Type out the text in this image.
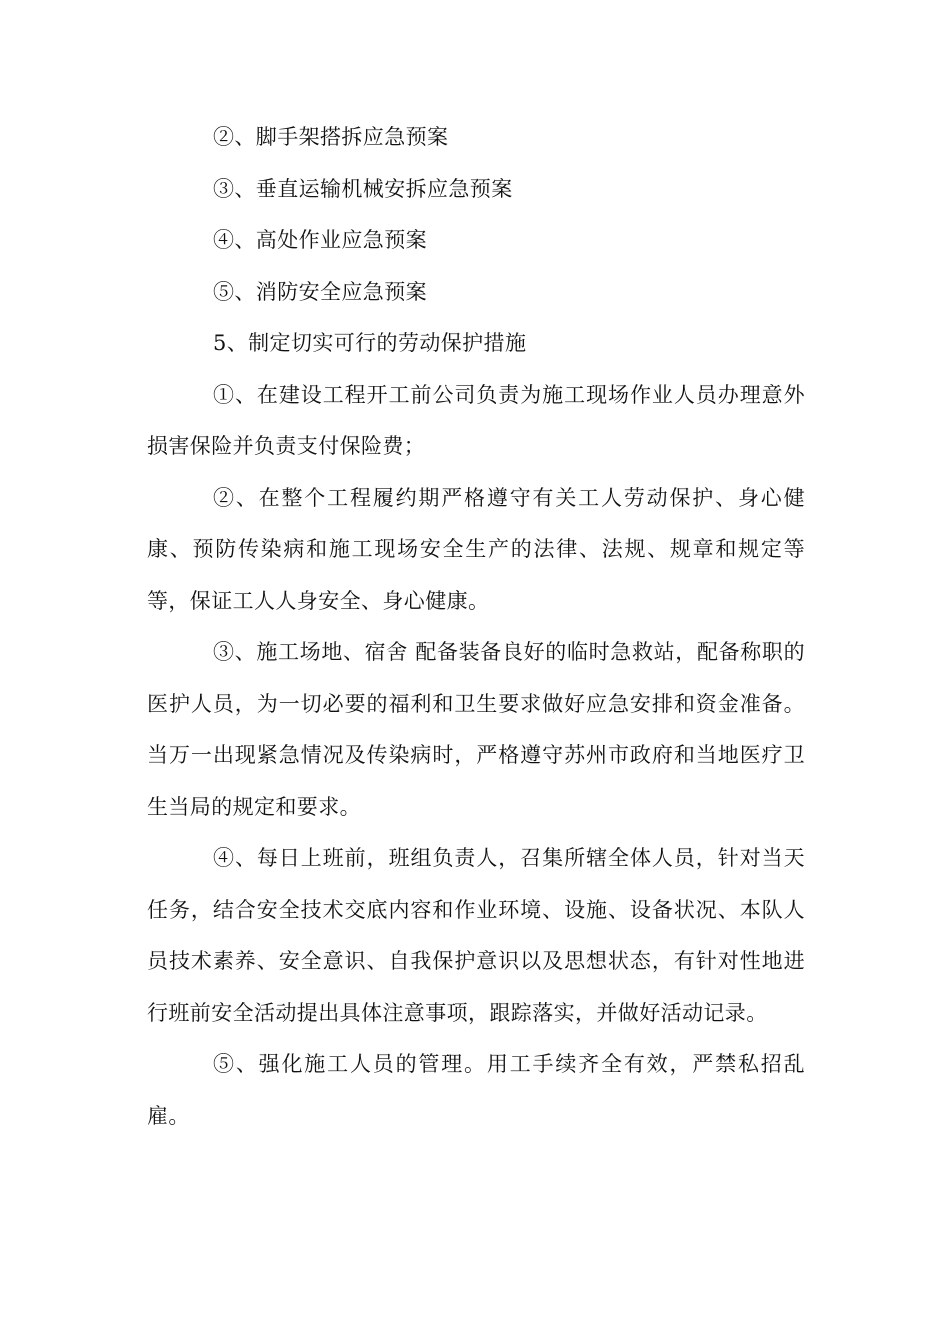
②、脚手架搭拆应急预案

③、垂直运输机械安拆应急预案

④、高处作业应急预案

⑤、消防安全应急预案

5、制定切实可行的劳动保护措施

①、在建设工程开工前公司负责为施工现场作业人员办理意外损害保险并负责支付保险费；

②、在整个工程履约期严格遵守有关工人劳动保护、身心健康、预防传染病和施工现场安全生产的法律、法规、规章和规定等等，保证工人人身安全、身心健康。

③、施工场地、宿舍 配备装备良好的临时急救站，配备称职的医护人员，为一切必要的福利和卫生要求做好应急安排和资金准备。当万一出现紧急情况及传染病时，严格遵守苏州市政府和当地医疗卫生当局的规定和要求。

④、每日上班前，班组负责人，召集所辖全体人员，针对当天任务，结合安全技术交底内容和作业环境、设施、设备状况、本队人员技术素养、安全意识、自我保护意识以及思想状态，有针对性地进行班前安全活动提出具体注意事项，跟踪落实，并做好活动记录。

⑤、强化施工人员的管理。用工手续齐全有效，严禁私招乱雇。
